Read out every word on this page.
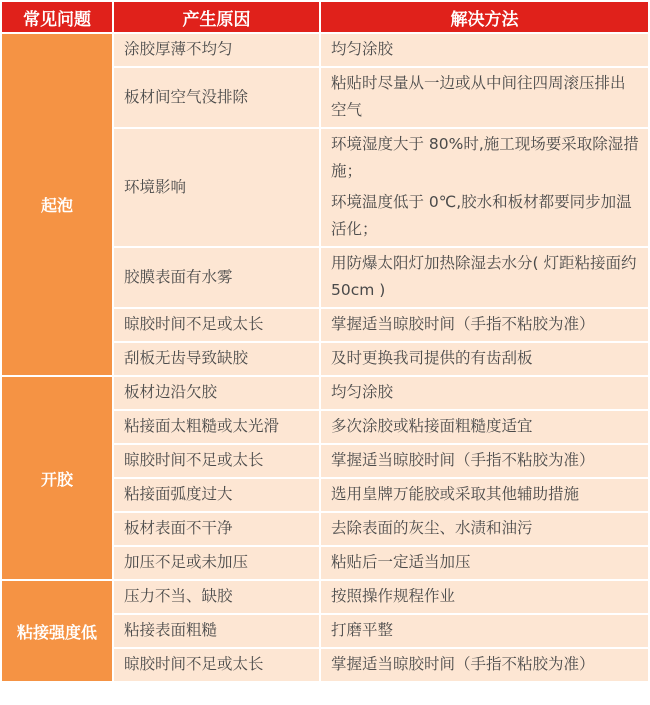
常见问题	产生原因	解决方法
起泡	涂胶厚薄不均匀	均匀涂胶

	板材间空气没排除	粘贴时尽量从一边或从中间往四周滚压排出空气

	环境影响	环境湿度大于 80%时,施工现场要采取除湿措施；
环境温度低于 0℃,胶水和板材都要同步加温活化；

	胶膜表面有水雾	用防爆太阳灯加热除湿去水分( 灯距粘接面约 50cm )

	晾胶时间不足或太长	掌握适当晾胶时间（手指不粘胶为准）

	刮板无齿导致缺胶	及时更换我司提供的有齿刮板

开胶	板材边沿欠胶	均匀涂胶

	粘接面太粗糙或太光滑	多次涂胶或粘接面粗糙度适宜

	晾胶时间不足或太长	掌握适当晾胶时间（手指不粘胶为准）

	粘接面弧度过大	选用皇牌万能胶或采取其他辅助措施

	板材表面不干净	去除表面的灰尘、水渍和油污

	加压不足或未加压	粘贴后一定适当加压

粘接强度低	压力不当、缺胶	按照操作规程作业

	粘接表面粗糙	打磨平整

	晾胶时间不足或太长	掌握适当晾胶时间（手指不粘胶为准）
